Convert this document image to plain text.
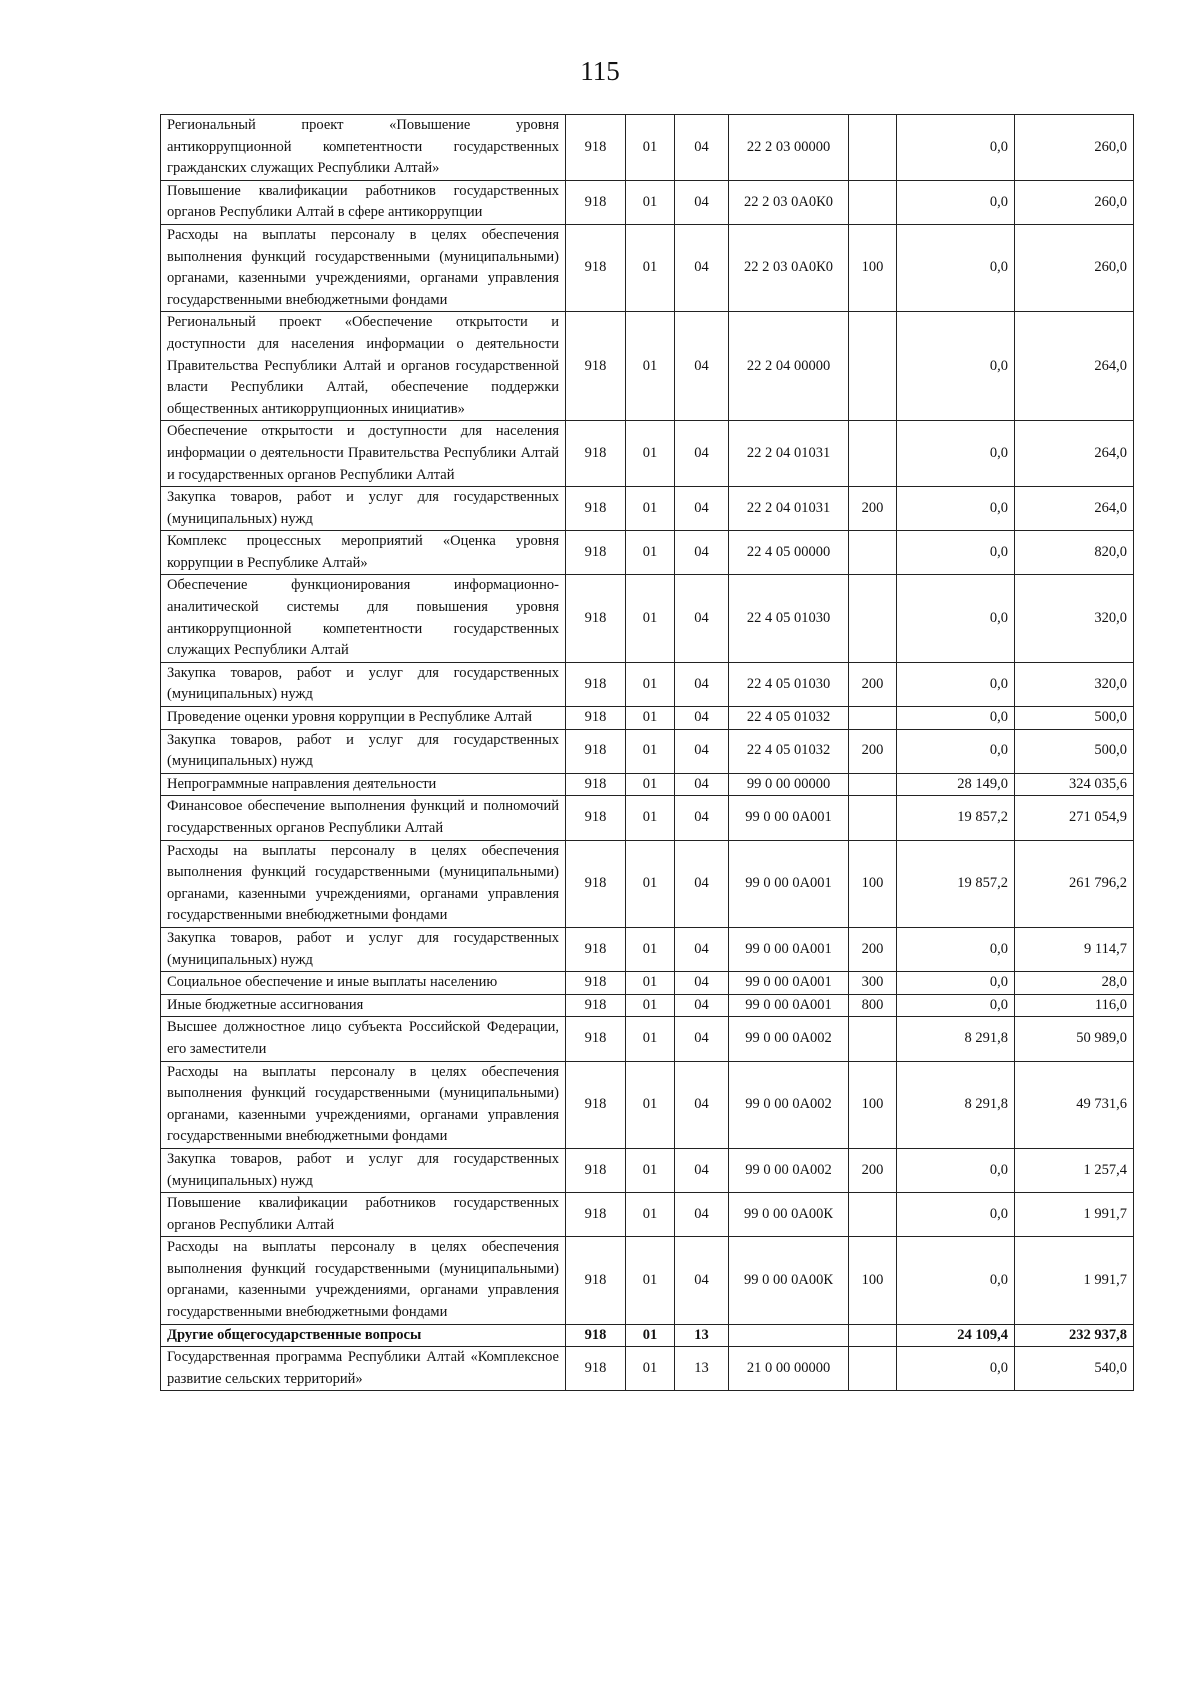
115
Региональный проект «Повышение уровня антикоррупционной компетентности государственных гражданских служащих Республики Алтай»	918	01	04	22 2 03 00000		0,0	260,0
Повышение квалификации работников государственных органов Республики Алтай в сфере антикоррупции	918	01	04	22 2 03 0А0К0		0,0	260,0
Расходы на выплаты персоналу в целях обеспечения выполнения функций государственными (муниципальными) органами, казенными учреждениями, органами управления государственными внебюджетными фондами	918	01	04	22 2 03 0А0К0	100	0,0	260,0
Региональный проект «Обеспечение открытости и доступности для населения информации о деятельности Правительства Республики Алтай и органов государственной власти Республики Алтай, обеспечение поддержки общественных антикоррупционных инициатив»	918	01	04	22 2 04 00000		0,0	264,0
Обеспечение открытости и доступности для населения информации о деятельности Правительства Республики Алтай и государственных органов Республики Алтай	918	01	04	22 2 04 01031		0,0	264,0
Закупка товаров, работ и услуг для государственных (муниципальных) нужд	918	01	04	22 2 04 01031	200	0,0	264,0
Комплекс процессных мероприятий «Оценка уровня коррупции в Республике Алтай»	918	01	04	22 4 05 00000		0,0	820,0
Обеспечение функционирования информационно-аналитической системы для повышения уровня антикоррупционной компетентности государственных служащих Республики Алтай	918	01	04	22 4 05 01030		0,0	320,0
Закупка товаров, работ и услуг для государственных (муниципальных) нужд	918	01	04	22 4 05 01030	200	0,0	320,0
Проведение оценки уровня коррупции в Республике Алтай	918	01	04	22 4 05 01032		0,0	500,0
Закупка товаров, работ и услуг для государственных (муниципальных) нужд	918	01	04	22 4 05 01032	200	0,0	500,0
Непрограммные направления деятельности	918	01	04	99 0 00 00000		28 149,0	324 035,6
Финансовое обеспечение выполнения функций и полномочий государственных органов Республики Алтай	918	01	04	99 0 00 0А001		19 857,2	271 054,9
Расходы на выплаты персоналу в целях обеспечения выполнения функций государственными (муниципальными) органами, казенными учреждениями, органами управления государственными внебюджетными фондами	918	01	04	99 0 00 0А001	100	19 857,2	261 796,2
Закупка товаров, работ и услуг для государственных (муниципальных) нужд	918	01	04	99 0 00 0А001	200	0,0	9 114,7
Социальное обеспечение и иные выплаты населению	918	01	04	99 0 00 0А001	300	0,0	28,0
Иные бюджетные ассигнования	918	01	04	99 0 00 0А001	800	0,0	116,0
Высшее должностное лицо субъекта Российской Федерации, его заместители	918	01	04	99 0 00 0А002		8 291,8	50 989,0
Расходы на выплаты персоналу в целях обеспечения выполнения функций государственными (муниципальными) органами, казенными учреждениями, органами управления государственными внебюджетными фондами	918	01	04	99 0 00 0А002	100	8 291,8	49 731,6
Закупка товаров, работ и услуг для государственных (муниципальных) нужд	918	01	04	99 0 00 0А002	200	0,0	1 257,4
Повышение квалификации работников государственных органов Республики Алтай	918	01	04	99 0 00 0А00К		0,0	1 991,7
Расходы на выплаты персоналу в целях обеспечения выполнения функций государственными (муниципальными) органами, казенными учреждениями, органами управления государственными внебюджетными фондами	918	01	04	99 0 00 0А00К	100	0,0	1 991,7
Другие общегосударственные вопросы	918	01	13			24 109,4	232 937,8
Государственная программа Республики Алтай «Комплексное развитие сельских территорий»	918	01	13	21 0 00 00000		0,0	540,0
